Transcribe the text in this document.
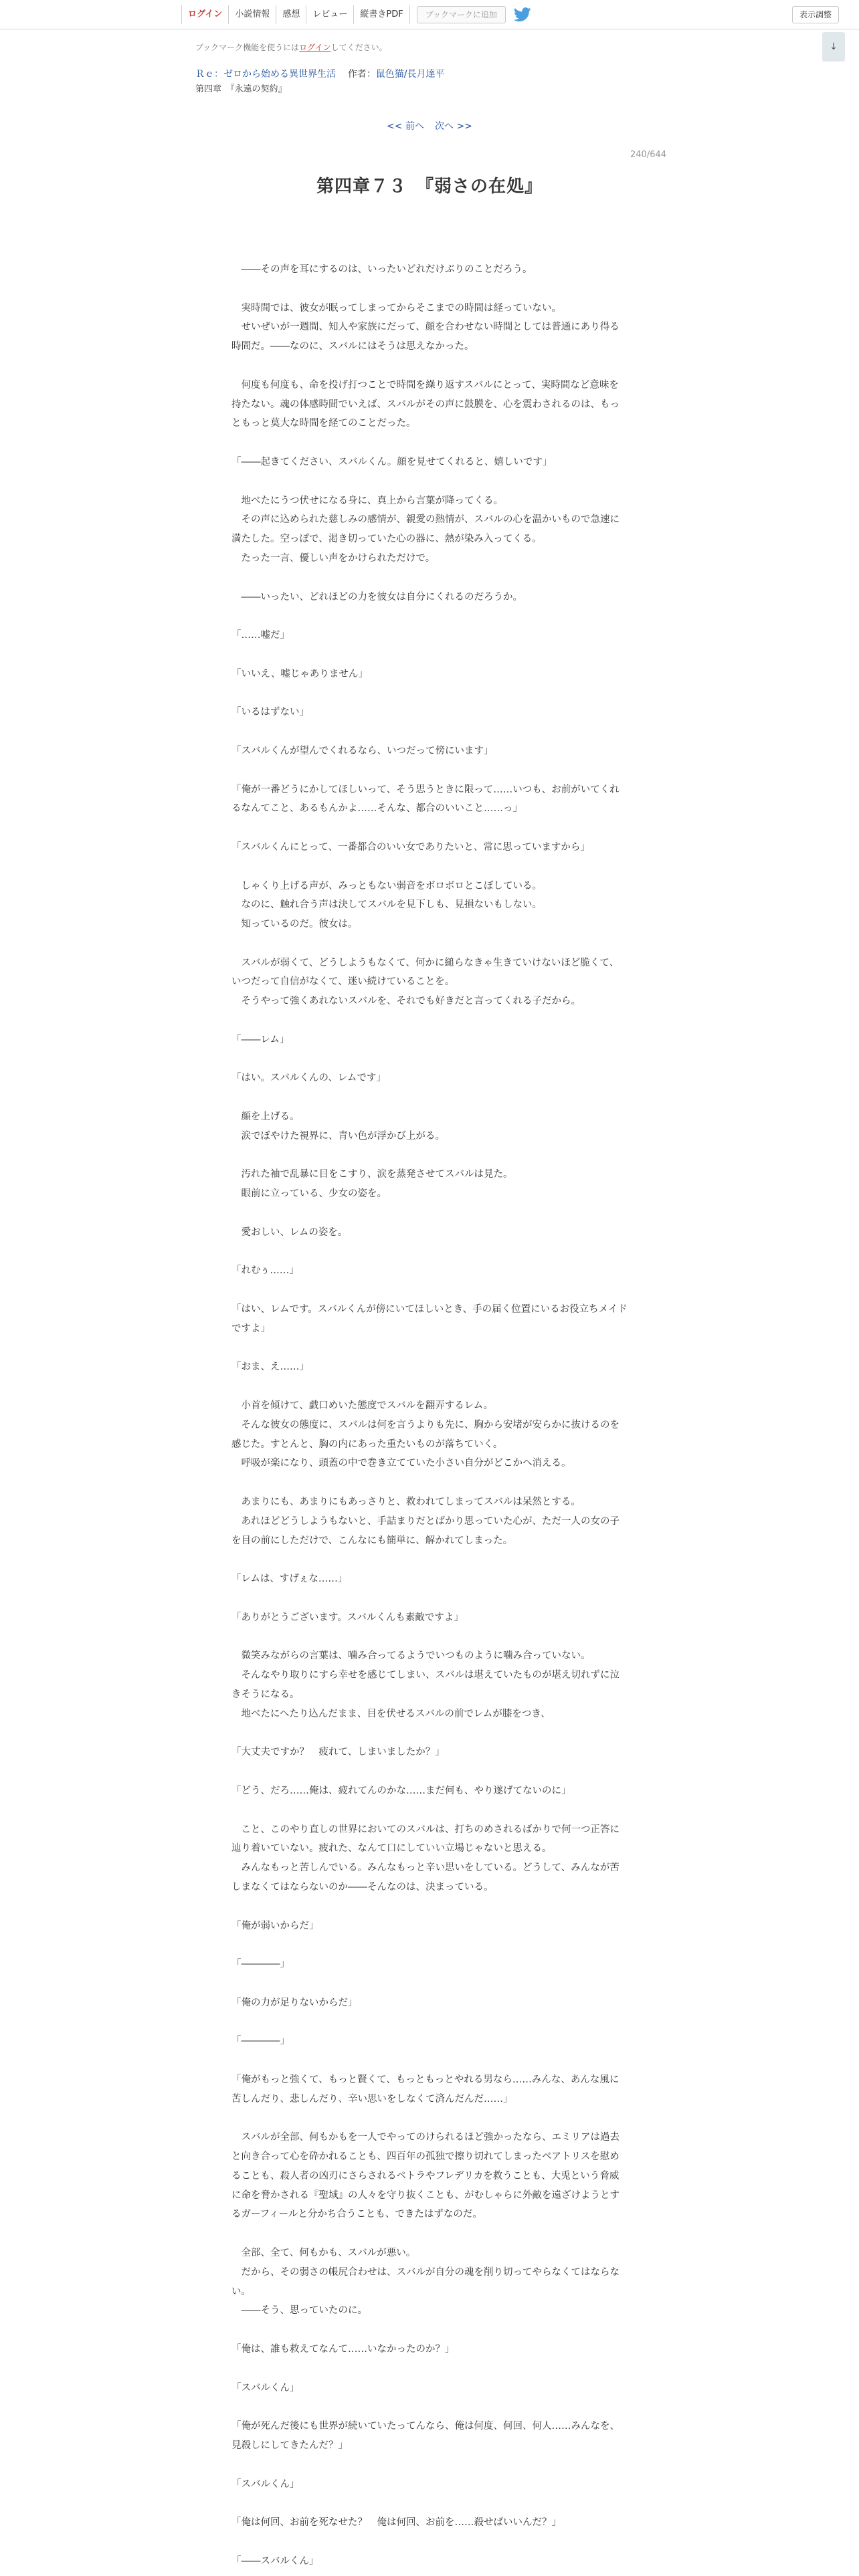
ログイン	小説情報	感想	レビュー	縦書きPDF	ブックマークに追加	表示調整
ブックマーク機能を使うにはログインしてください。	↓
Ｒｅ：ゼロから始める異世界生活 作者：鼠色猫/長月達平
第四章　『永遠の契約』
<< 前へ 次へ >>
240/644
第四章７３　『弱さの在処』

　――その声を耳にするのは、いったいどれだけぶりのことだろう。

　実時間では、彼女が眠ってしまってからそこまでの時間は経っていない。

　せいぜいが一週間、知人や家族にだって、顔を合わせない時間としては普通にあり得る時間だ。――なのに、スバルにはそうは思えなかった。

　何度も何度も、命を投げ打つことで時間を繰り返すスバルにとって、実時間など意味を持たない。魂の体感時間でいえば、スバルがその声に鼓膜を、心を震わされるのは、もっともっと莫大な時間を経てのことだった。

「――起きてください、スバルくん。顔を見せてくれると、嬉しいです」

　地べたにうつ伏せになる身に、真上から言葉が降ってくる。

　その声に込められた慈しみの感情が、親愛の熱情が、スバルの心を温かいもので急速に満たした。空っぽで、渇き切っていた心の器に、熱が染み入ってくる。

　たった一言、優しい声をかけられただけで。

　――いったい、どれほどの力を彼女は自分にくれるのだろうか。

「……嘘だ」

「いいえ、嘘じゃありません」

「いるはずない」

「スバルくんが望んでくれるなら、いつだって傍にいます」

「俺が一番どうにかしてほしいって、そう思うときに限って……いつも、お前がいてくれるなんてこと、あるもんかよ……そんな、都合のいいこと……っ」

「スバルくんにとって、一番都合のいい女でありたいと、常に思っていますから」

　しゃくり上げる声が、みっともない弱音をボロボロとこぼしている。

　なのに、触れ合う声は決してスバルを見下しも、見損ないもしない。

　知っているのだ。彼女は。

　スバルが弱くて、どうしようもなくて、何かに縋らなきゃ生きていけないほど脆くて、いつだって自信がなくて、迷い続けていることを。

　そうやって強くあれないスバルを、それでも好きだと言ってくれる子だから。

「――レム」

「はい。スバルくんの、レムです」

　顔を上げる。

　涙でぼやけた視界に、青い色が浮かび上がる。

　汚れた袖で乱暴に目をこすり、涙を蒸発させてスバルは見た。

　眼前に立っている、少女の姿を。

　愛おしい、レムの姿を。

「れむぅ……」

「はい、レムです。スバルくんが傍にいてほしいとき、手の届く位置にいるお役立ちメイドですよ」

「おま、え……」

　小首を傾けて、戯口めいた態度でスバルを翻弄するレム。

　そんな彼女の態度に、スバルは何を言うよりも先に、胸から安堵が安らかに抜けるのを感じた。すとんと、胸の内にあった重たいものが落ちていく。

　呼吸が楽になり、頭蓋の中で巻き立てていた小さい自分がどこかへ消える。

　あまりにも、あまりにもあっさりと、救われてしまってスバルは呆然とする。

　あれほどどうしようもないと、手詰まりだとばかり思っていた心が、ただ一人の女の子を目の前にしただけで、こんなにも簡単に、解かれてしまった。

「レムは、すげぇな……」

「ありがとうございます。スバルくんも素敵ですよ」

　微笑みながらの言葉は、噛み合ってるようでいつものように噛み合っていない。

　そんなやり取りにすら幸せを感じてしまい、スバルは堪えていたものが堪え切れずに泣きそうになる。

　地べたにへたり込んだまま、目を伏せるスバルの前でレムが膝をつき、

「大丈夫ですか？　疲れて、しまいましたか？」

「どう、だろ……俺は、疲れてんのかな……まだ何も、やり遂げてないのに」

　こと、このやり直しの世界においてのスバルは、打ちのめされるばかりで何一つ正答に辿り着いていない。疲れた、なんて口にしていい立場じゃないと思える。

　みんなもっと苦しんでいる。みんなもっと辛い思いをしている。どうして、みんなが苦しまなくてはならないのか――そんなのは、決まっている。

「俺が弱いからだ」

「――――」

「俺の力が足りないからだ」

「――――」

「俺がもっと強くて、もっと賢くて、もっともっとやれる男なら……みんな、あんな風に苦しんだり、悲しんだり、辛い思いをしなくて済んだんだ……」

　スバルが全部、何もかもを一人でやってのけられるほど強かったなら、エミリアは過去と向き合って心を砕かれることも、四百年の孤独で擦り切れてしまったベアトリスを慰めることも、殺人者の凶刃にさらされるペトラやフレデリカを救うことも、大兎という脅威に命を脅かされる『聖域』の人々を守り抜くことも、がむしゃらに外敵を遠ざけようとするガーフィールと分かち合うことも、できたはずなのだ。

　全部、全て、何もかも、スバルが悪い。

　だから、その弱さの帳尻合わせは、スバルが自分の魂を削り切ってやらなくてはならない。

　――そう、思っていたのに。

「俺は、誰も救えてなんて……いなかったのか？」

「スバルくん」

「俺が死んだ後にも世界が続いていたってんなら、俺は何度、何回、何人……みんなを、見殺しにしてきたんだ？」

「スバルくん」

「俺は何回、お前を死なせた？　俺は何回、お前を……殺せばいいんだ？」

「――スバルくん」
